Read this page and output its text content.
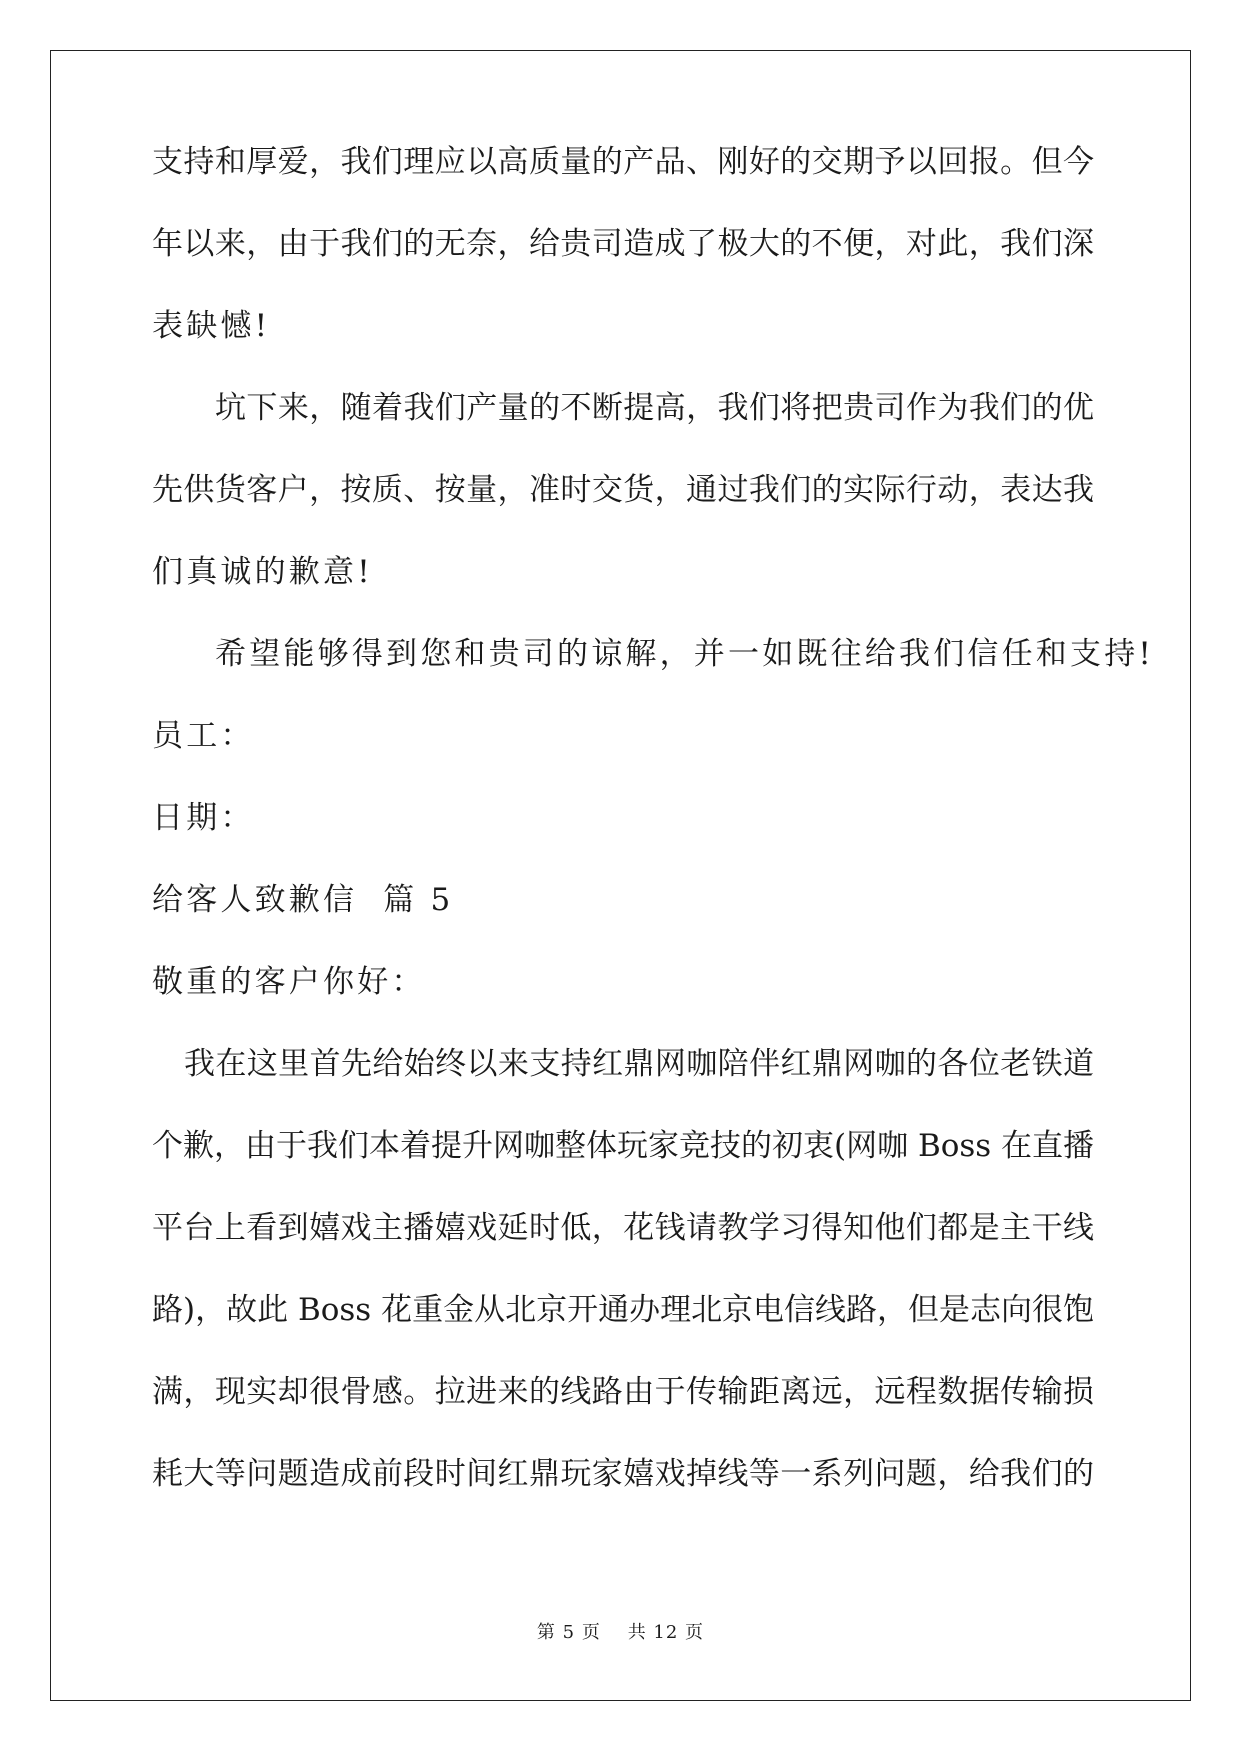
支持和厚爱，我们理应以高质量的产品、刚好的交期予以回报。但今
年以来，由于我们的无奈，给贵司造成了极大的不便，对此，我们深
表缺憾!
坑下来，随着我们产量的不断提高，我们将把贵司作为我们的优
先供货客户，按质、按量，准时交货，通过我们的实际行动，表达我
们真诚的歉意!
希望能够得到您和贵司的谅解，并一如既往给我们信任和支持!
员工：
日期：
给客人致歉信  篇 5
敬重的客户你好：
我在这里首先给始终以来支持红鼎网咖陪伴红鼎网咖的各位老铁道
个歉，由于我们本着提升网咖整体玩家竞技的初衷(网咖 Boss 在直播
平台上看到嬉戏主播嬉戏延时低，花钱请教学习得知他们都是主干线
路)，故此 Boss 花重金从北京开通办理北京电信线路，但是志向很饱
满，现实却很骨感。拉进来的线路由于传输距离远，远程数据传输损
耗大等问题造成前段时间红鼎玩家嬉戏掉线等一系列问题，给我们的
第 5 页    共 12 页
